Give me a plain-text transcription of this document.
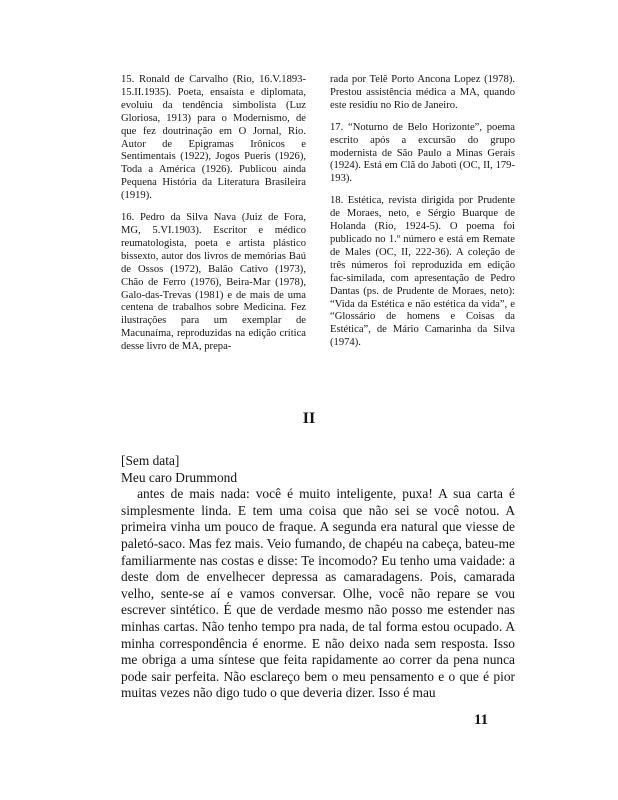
15. Ronald de Carvalho (Rio, 16.V.1893-15.II.1935). Poeta, ensaísta e diplomata, evoluiu da tendência simbolista (Luz Gloriosa, 1913) para o Modernismo, de que fez doutrinação em O Jornal, Rio. Autor de Epigramas Irônicos e Sentimentais (1922), Jogos Pueris (1926), Toda a América (1926). Publicou ainda Pequena História da Literatura Brasileira (1919).

16. Pedro da Silva Nava (Juiz de Fora, MG, 5.VI.1903). Escritor e médico reumatologista, poeta e artista plástico bissexto, autor dos livros de memórias Baú de Ossos (1972), Balão Cativo (1973), Chão de Ferro (1976), Beira-Mar (1978), Galo-das-Trevas (1981) e de mais de uma centena de trabalhos sobre Medicina. Fez ilustrações para um exemplar de Macunaíma, reproduzidas na edição crítica desse livro de MA, prepa-

rada por Telê Porto Ancona Lopez (1978). Prestou assistência médica a MA, quando este residiu no Rio de Janeiro.

17. “Noturno de Belo Horizonte”, poema escrito após a excursão do grupo modernista de São Paulo a Minas Gerais (1924). Está em Clã do Jaboti (OC, II, 179-193).

18. Estética, revista dirigida por Prudente de Moraes, neto, e Sérgio Buarque de Holanda (Rio, 1924-5). O poema foi publicado no 1.º número e está em Remate de Males (OC, II, 222-36). A coleção de três números foi reproduzida em edição fac-similada, com apresentação de Pedro Dantas (ps. de Prudente de Moraes, neto): “Vida da Estética e não estética da vida”, e “Glossário de homens e Coisas da Estética”, de Mário Camarinha da Silva (1974).

II
[Sem data]
Meu caro Drummond
antes de mais nada: você é muito inteligente, puxa! A sua carta é simplesmente linda. E tem uma coisa que não sei se você notou. A primeira vinha um pouco de fraque. A segunda era natural que viesse de paletó-saco. Mas fez mais. Veio fumando, de chapéu na cabeça, bateu-me familiarmente nas costas e disse: Te incomodo? Eu tenho uma vaidade: a deste dom de envelhecer depressa as camaradagens. Pois, camarada velho, sente-se aí e vamos conversar. Olhe, você não repare se vou escrever sintético. É que de verdade mesmo não posso me estender nas minhas cartas. Não tenho tempo pra nada, de tal forma estou ocupado. A minha correspondência é enorme. E não deixo nada sem resposta. Isso me obriga a uma síntese que feita rapidamente ao correr da pena nunca pode sair perfeita. Não esclareço bem o meu pensamento e o que é pior muitas vezes não digo tudo o que deveria dizer. Isso é mau
11
